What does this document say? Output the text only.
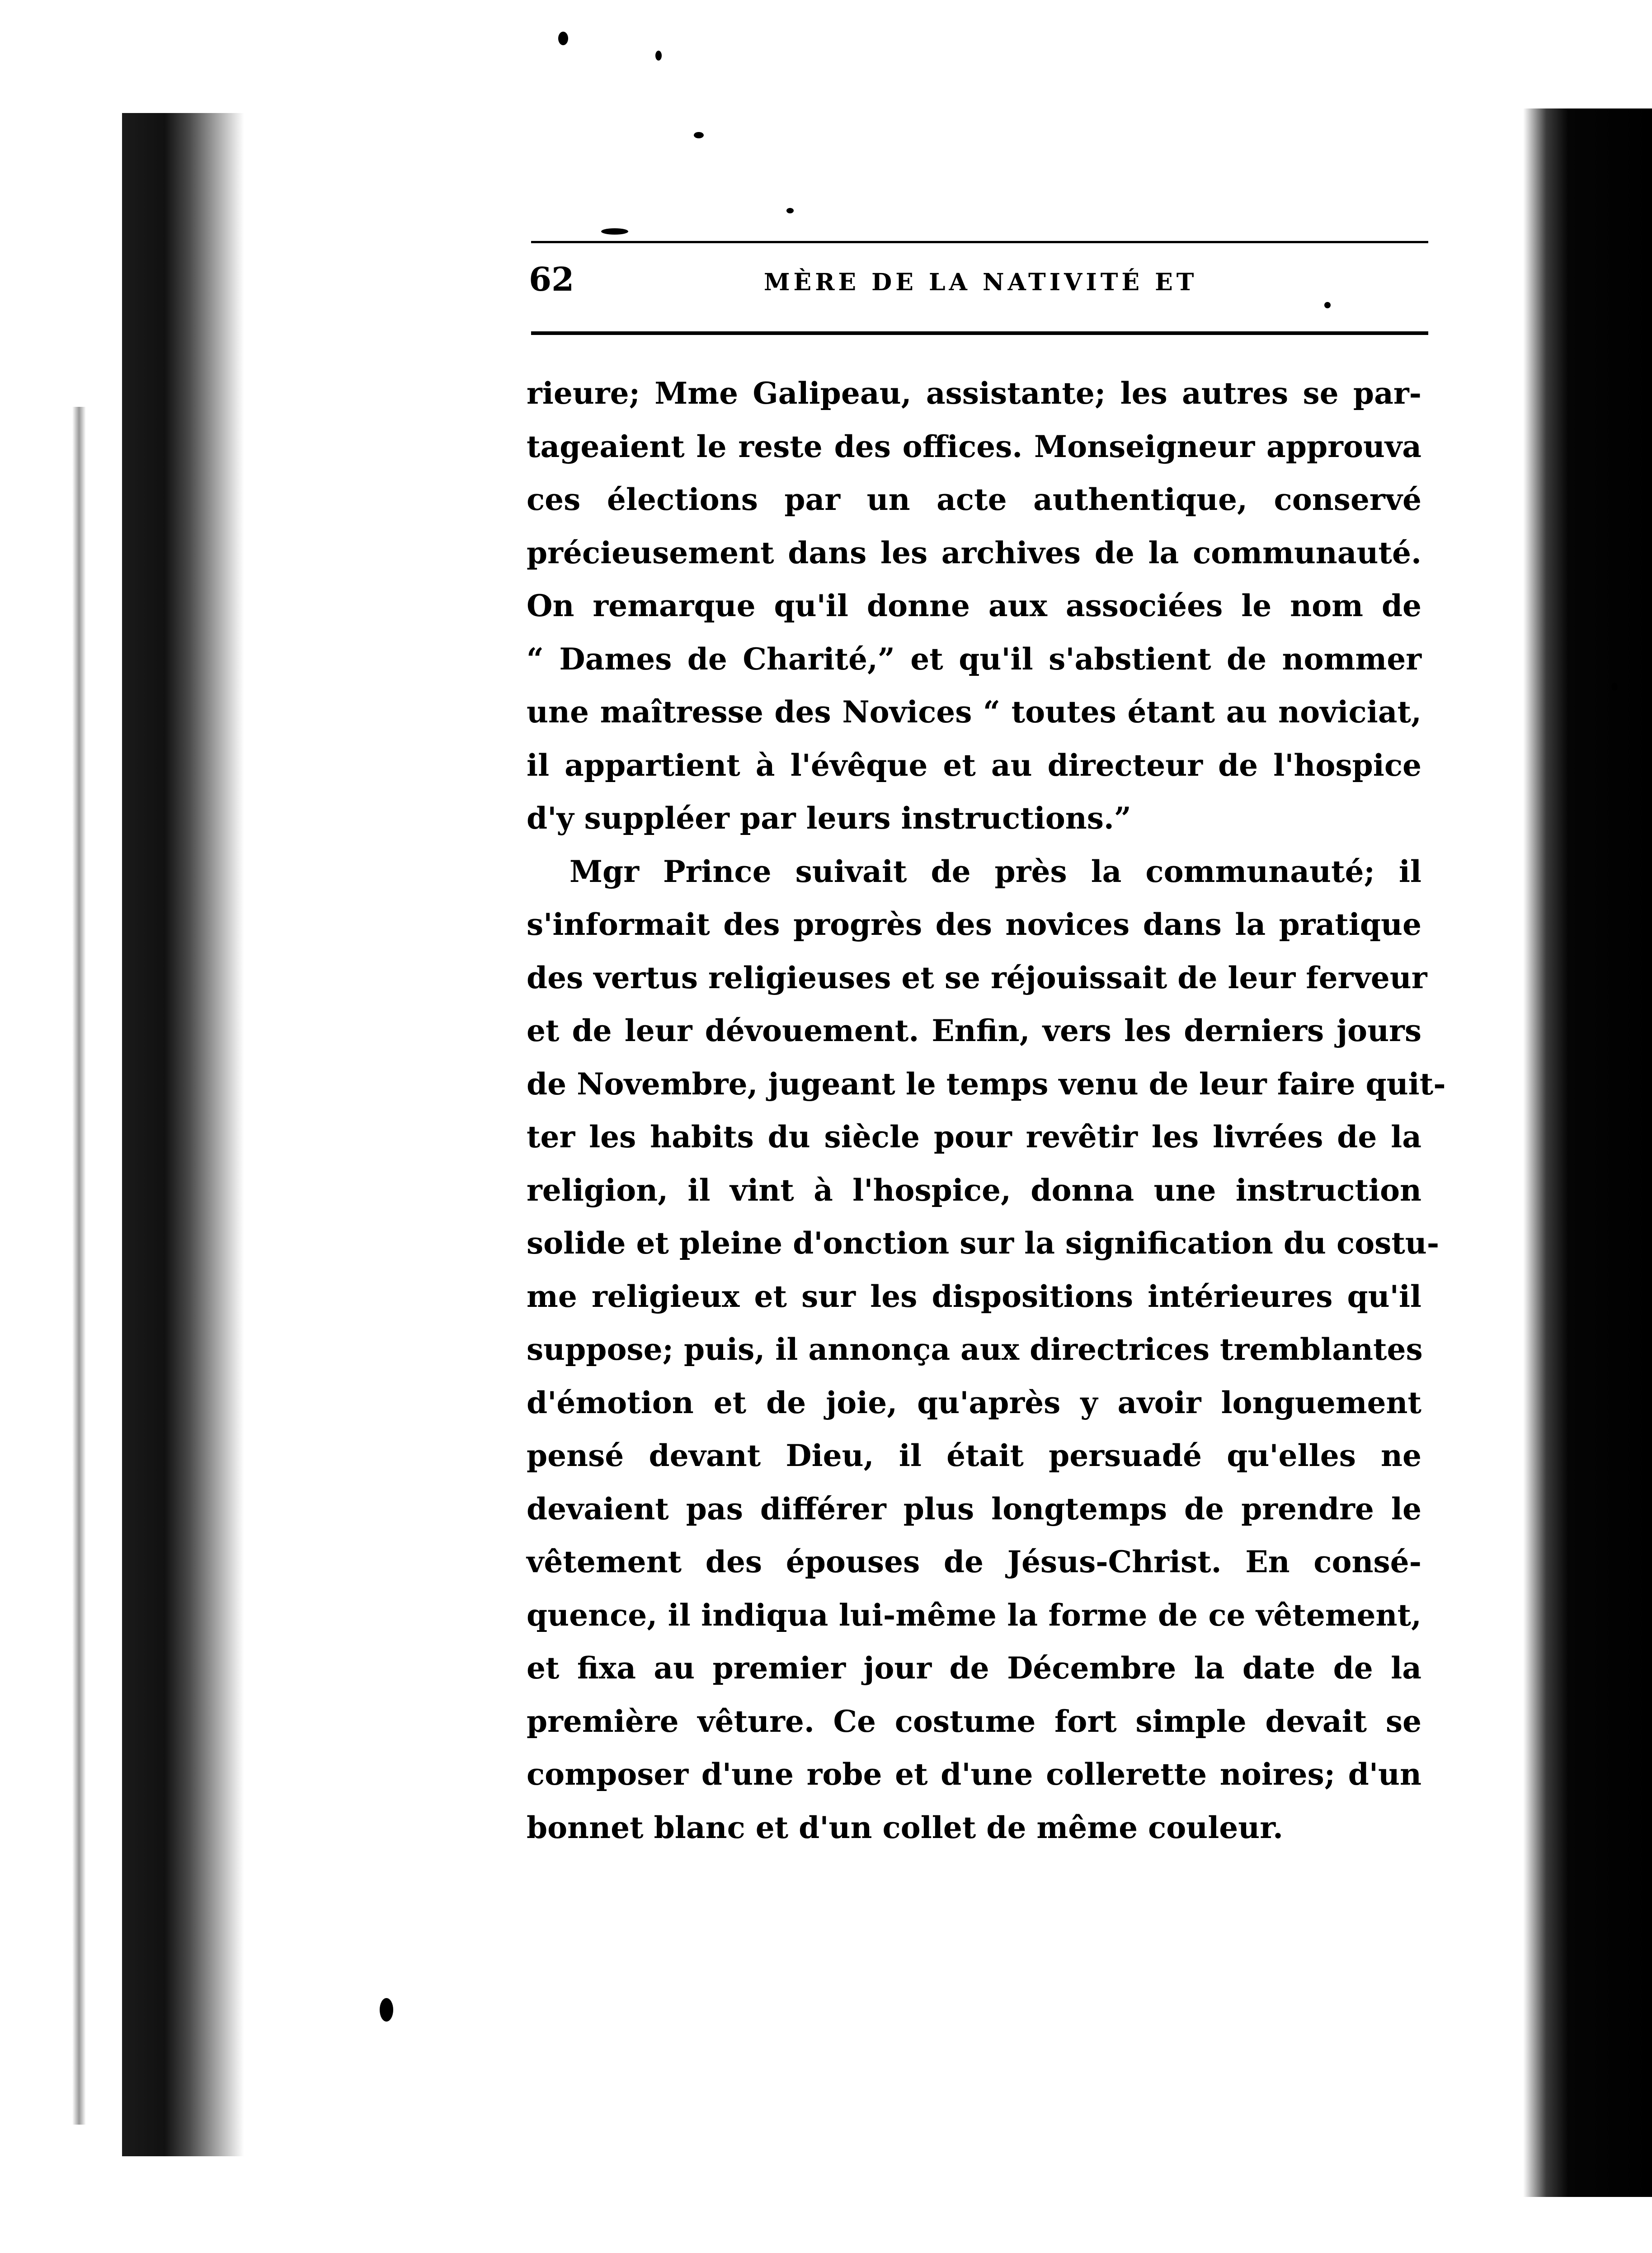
62	MÈRE DE LA NATIVITÉ ET
rieure; Mme Galipeau, assistante; les autres se par-
tageaient le reste des offices. Monseigneur approuva
ces élections par un acte authentique, conservé
précieusement dans les archives de la communauté.
On remarque qu'il donne aux associées le nom de
“ Dames de Charité,” et qu'il s'abstient de nommer
une maîtresse des Novices “ toutes étant au noviciat,
il appartient à l'évêque et au directeur de l'hospice
d'y suppléer par leurs instructions.”
Mgr Prince suivait de près la communauté; il
s'informait des progrès des novices dans la pratique
des vertus religieuses et se réjouissait de leur ferveur
et de leur dévouement. Enfin, vers les derniers jours
de Novembre, jugeant le temps venu de leur faire quit-
ter les habits du siècle pour revêtir les livrées de la
religion, il vint à l'hospice, donna une instruction
solide et pleine d'onction sur la signification du costu-
me religieux et sur les dispositions intérieures qu'il
suppose; puis, il annonça aux directrices tremblantes
d'émotion et de joie, qu'après y avoir longuement
pensé devant Dieu, il était persuadé qu'elles ne
devaient pas différer plus longtemps de prendre le
vêtement des épouses de Jésus-Christ. En consé-
quence, il indiqua lui-même la forme de ce vêtement,
et fixa au premier jour de Décembre la date de la
première vêture. Ce costume fort simple devait se
composer d'une robe et d'une collerette noires; d'un
bonnet blanc et d'un collet de même couleur.
